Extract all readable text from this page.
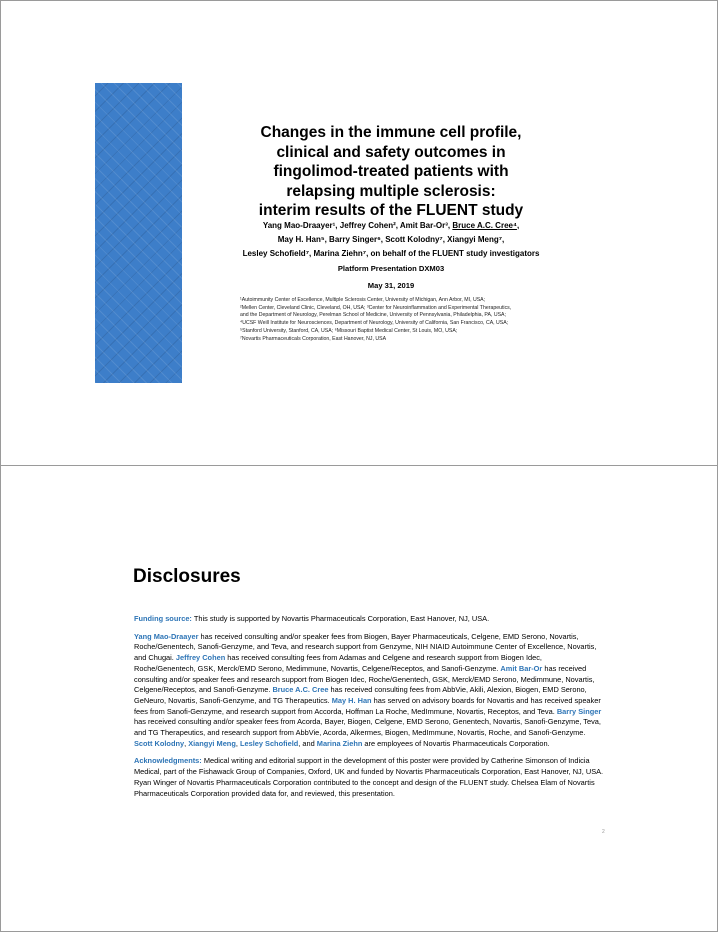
Changes in the immune cell profile,
clinical and safety outcomes in
fingolimod-treated patients with
relapsing multiple sclerosis:
interim results of the FLUENT study
Yang Mao-Draayer¹, Jeffrey Cohen², Amit Bar-Or³, Bruce A.C. Cree⁴,
May H. Han⁵, Barry Singer⁶, Scott Kolodny⁷, Xiangyi Meng⁷,
Lesley Schofield⁷, Marina Ziehn⁷, on behalf of the FLUENT study investigators
Platform Presentation DXM03
May 31, 2019
¹Autoimmunity Center of Excellence, Multiple Sclerosis Center, University of Michigan, Ann Arbor, MI, USA;
²Mellen Center, Cleveland Clinic, Cleveland, OH, USA; ³Center for Neuroinflammation and Experimental Therapeutics,
and the Department of Neurology, Perelman School of Medicine, University of Pennsylvania, Philadelphia, PA, USA;
⁴UCSF Weill Institute for Neurosciences, Department of Neurology, University of California, San Francisco, CA, USA;
⁵Stanford University, Stanford, CA, USA; ⁶Missouri Baptist Medical Center, St Louis, MO, USA;
⁷Novartis Pharmaceuticals Corporation, East Hanover, NJ, USA
Disclosures

Funding source: This study is supported by Novartis Pharmaceuticals Corporation, East Hanover, NJ, USA.

Yang Mao-Draayer has received consulting and/or speaker fees from Biogen, Bayer Pharmaceuticals, Celgene, EMD Serono, Novartis, Roche/Genentech, Sanofi-Genzyme, and Teva, and research support from Genzyme, NIH NIAID Autoimmune Center of Excellence, Novartis, and Chugai. Jeffrey Cohen has received consulting fees from Adamas and Celgene and research support from Biogen Idec, Roche/Genentech, GSK, Merck/EMD Serono, Medimmune, Novartis, Celgene/Receptos, and Sanofi-Genzyme. Amit Bar-Or has received consulting and/or speaker fees and research support from Biogen Idec, Roche/Genentech, GSK, Merck/EMD Serono, Medimmune, Novartis, Celgene/Receptos, and Sanofi-Genzyme. Bruce A.C. Cree has received consulting fees from AbbVie, Akili, Alexion, Biogen, EMD Serono, GeNeuro, Novartis, Sanofi-Genzyme, and TG Therapeutics. May H. Han has served on advisory boards for Novartis and has received speaker fees from Sanofi-Genzyme, and research support from Accorda, Hoffman La Roche, MedImmune, Novartis, Receptos, and Teva. Barry Singer has received consulting and/or speaker fees from Acorda, Bayer, Biogen, Celgene, EMD Serono, Genentech, Novartis, Sanofi-Genzyme, Teva, and TG Therapeutics, and research support from AbbVie, Acorda, Alkermes, Biogen, MedImmune, Novartis, Roche, and Sanofi-Genzyme. Scott Kolodny, Xiangyi Meng, Lesley Schofield, and Marina Ziehn are employees of Novartis Pharmaceuticals Corporation.

Acknowledgments: Medical writing and editorial support in the development of this poster were provided by Catherine Simonson of Indicia Medical, part of the Fishawack Group of Companies, Oxford, UK and funded by Novartis Pharmaceuticals Corporation, East Hanover, NJ, USA. Ryan Winger of Novartis Pharmaceuticals Corporation contributed to the concept and design of the FLUENT study. Chelsea Elam of Novartis Pharmaceuticals Corporation provided data for, and reviewed, this presentation.

2
